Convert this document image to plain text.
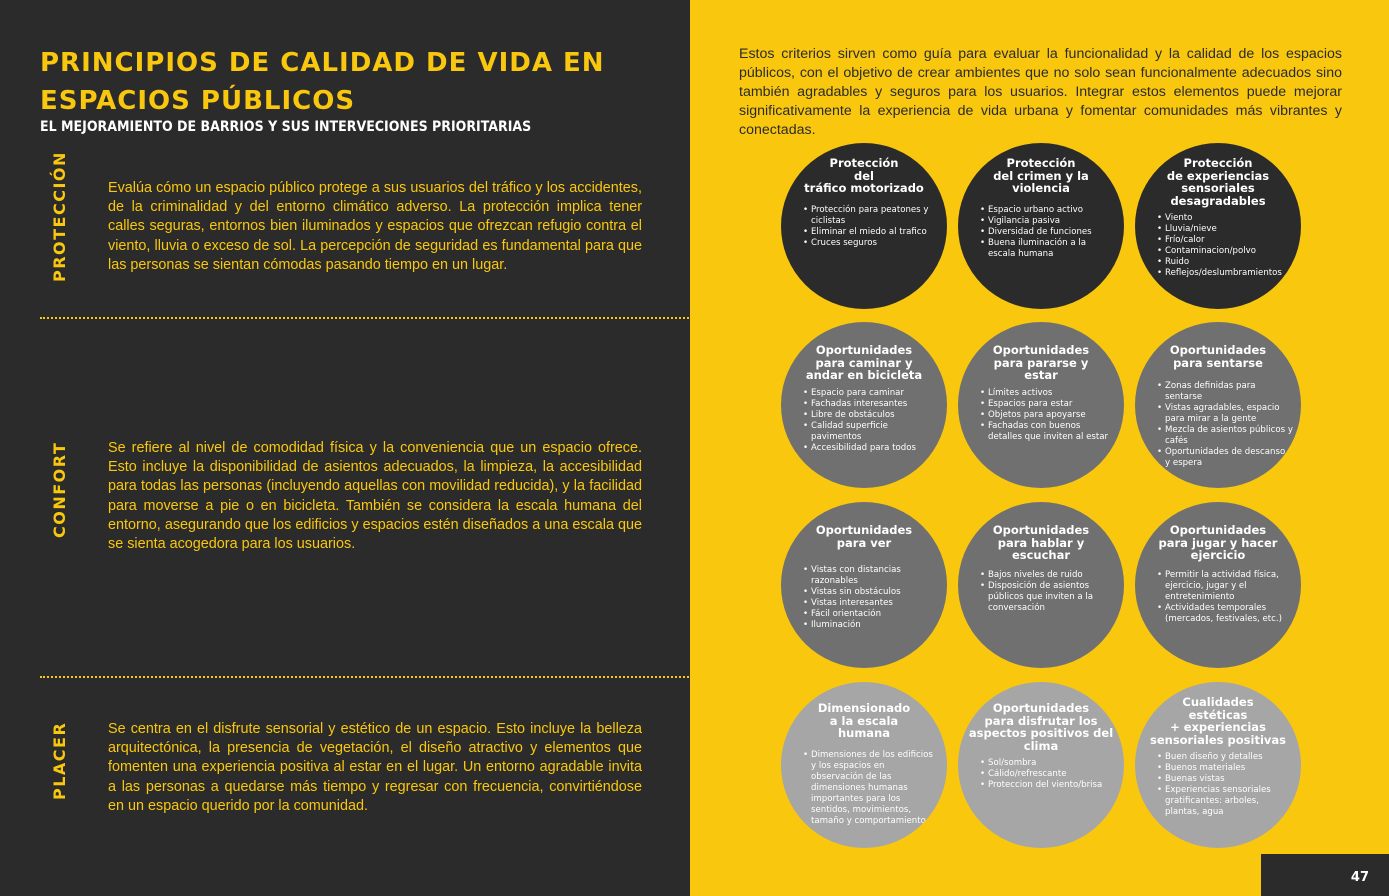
PRINCIPIOS DE CALIDAD DE VIDA EN ESPACIOS PÚBLICOS
EL MEJORAMIENTO DE BARRIOS Y SUS INTERVECIONES PRIORITARIAS
PROTECCIÓN	Evalúa cómo un espacio público protege a sus usuarios del tráfico y los accidentes, de la criminalidad y del entorno climático adverso. La protección implica tener calles seguras, entornos bien iluminados y espacios que ofrezcan refugio contra el viento, lluvia o exceso de sol. La percepción de seguridad es fundamental para que las personas se sientan cómodas pasando tiempo en un lugar.
CONFORT	Se refiere al nivel de comodidad física y la conveniencia que un espacio ofrece. Esto incluye la disponibilidad de asientos adecuados, la limpieza, la accesibilidad para todas las personas (incluyendo aquellas con movilidad reducida), y la facilidad para moverse a pie o en bicicleta. También se considera la escala humana del entorno, asegurando que los edificios y espacios estén diseñados a una escala que se sienta acogedora para los usuarios.
PLACER	Se centra en el disfrute sensorial y estético de un espacio. Esto incluye la belleza arquitectónica, la presencia de vegetación, el diseño atractivo y elementos que fomenten una experiencia positiva al estar en el lugar. Un entorno agradable invita a las personas a quedarse más tiempo y regresar con frecuencia, convirtiéndose en un espacio querido por la comunidad.
Estos criterios sirven como guía para evaluar la funcionalidad y la calidad de los espacios públicos, con el objetivo de crear ambientes que no solo sean funcionalmente adecuados sino también agradables y seguros para los usuarios. Integrar estos elementos puede mejorar significativamente la experiencia de vida urbana y fomentar comunidades más vibrantes y conectadas.
Protección
del
tráfico motorizado
• Protección para peatones y ciclistas
• Eliminar el miedo al trafico
• Cruces seguros
Protección
del crimen y la
violencia
• Espacio urbano activo
• Vigilancia pasiva
• Diversidad de funciones
• Buena iluminación a la escala humana
Protección
de experiencias
sensoriales
desagradables
• Viento
• Lluvia/nieve
• Frío/calor
• Contaminacion/polvo
• Ruido
• Reflejos/deslumbramientos
Oportunidades
para caminar y
andar en bicicleta
• Espacio para caminar
• Fachadas interesantes
• Libre de obstáculos
• Calidad superficie pavimentos
• Accesibilidad para todos
Oportunidades
para pararse y
estar
• Límites activos
• Espacios para estar
• Objetos para apoyarse
• Fachadas con buenos detalles que inviten al estar
Oportunidades
para sentarse
• Zonas definidas para sentarse
• Vistas agradables, espacio para mirar a la gente
• Mezcla de asientos públicos y cafés
• Oportunidades de descanso y espera
Oportunidades
para ver
• Vistas con distancias razonables
• Vistas sin obstáculos
• Vistas interesantes
• Fácil orientación
• Iluminación
Oportunidades
para hablar y
escuchar
• Bajos niveles de ruido
• Disposición de asientos públicos que inviten a la conversación
Oportunidades
para jugar y hacer
ejercicio
• Permitir la actividad física, ejercicio, jugar y el entretenimiento
• Actividades temporales (mercados, festivales, etc.)
Dimensionado
a la escala
humana
• Dimensiones de los edificios y los espacios en observación de las dimensiones humanas importantes para los sentidos, movimientos, tamaño y comportamiento
Oportunidades
para disfrutar los
aspectos positivos del
clima
• Sol/sombra
• Cálido/refrescante
• Proteccion del viento/brisa
Cualidades
estéticas
+ experiencias
sensoriales positivas
• Buen diseño y detalles
• Buenos materiales
• Buenas vistas
• Experiencias sensoriales gratificantes: arboles, plantas, agua
47
